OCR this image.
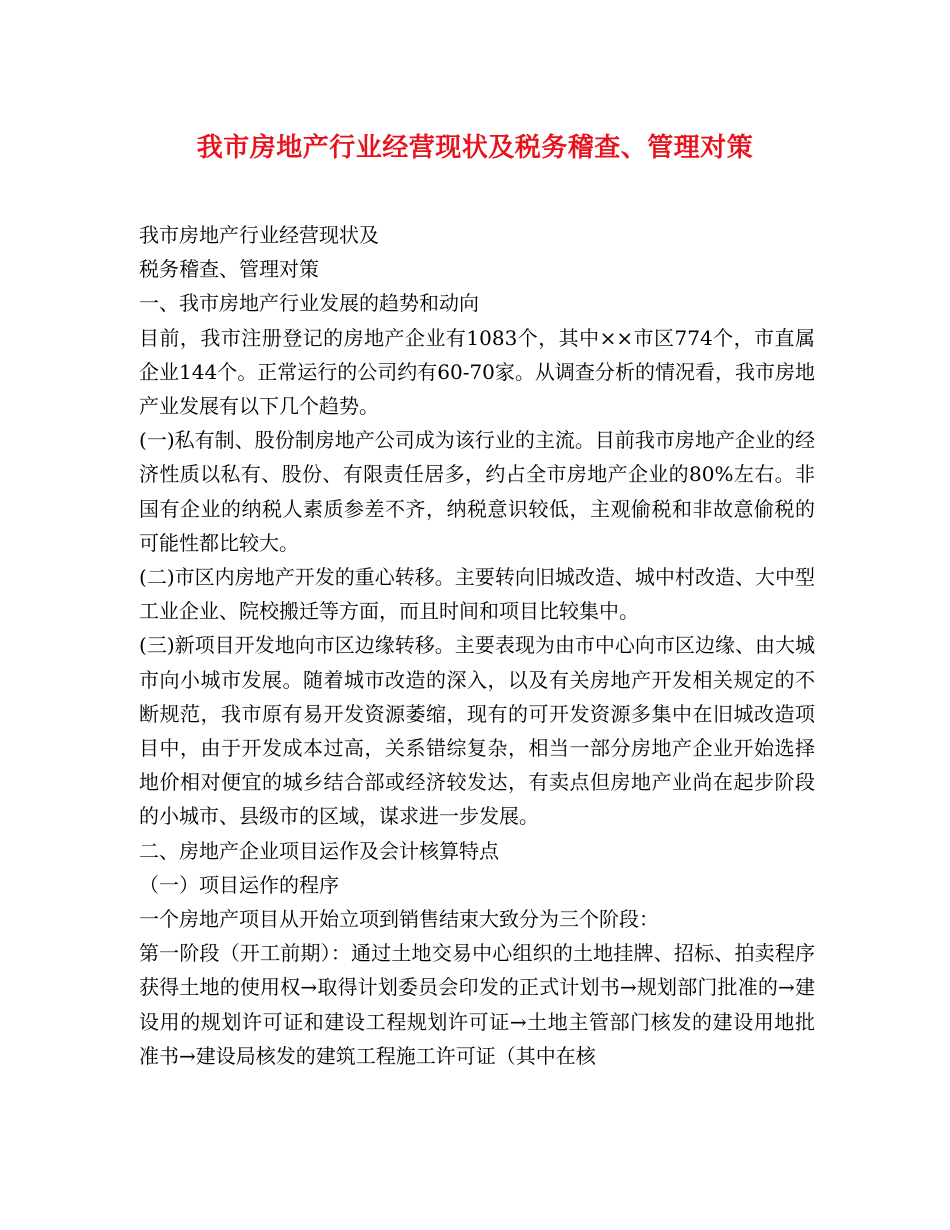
我市房地产行业经营现状及税务稽查、管理对策

我市房地产行业经营现状及

税务稽查、管理对策

一、我市房地产行业发展的趋势和动向

目前，我市注册登记的房地产企业有1083个，其中××市区774个，市直属企业144个。正常运行的公司约有60-70家。从调查分析的情况看，我市房地产业发展有以下几个趋势。

(一)私有制、股份制房地产公司成为该行业的主流。目前我市房地产企业的经济性质以私有、股份、有限责任居多，约占全市房地产企业的80%左右。非国有企业的纳税人素质参差不齐，纳税意识较低，主观偷税和非故意偷税的可能性都比较大。

(二)市区内房地产开发的重心转移。主要转向旧城改造、城中村改造、大中型工业企业、院校搬迁等方面，而且时间和项目比较集中。

(三)新项目开发地向市区边缘转移。主要表现为由市中心向市区边缘、由大城市向小城市发展。随着城市改造的深入，以及有关房地产开发相关规定的不断规范，我市原有易开发资源萎缩，现有的可开发资源多集中在旧城改造项目中，由于开发成本过高，关系错综复杂，相当一部分房地产企业开始选择地价相对便宜的城乡结合部或经济较发达，有卖点但房地产业尚在起步阶段的小城市、县级市的区域，谋求进一步发展。

二、房地产企业项目运作及会计核算特点

（一）项目运作的程序

一个房地产项目从开始立项到销售结束大致分为三个阶段：

第一阶段（开工前期）：通过土地交易中心组织的土地挂牌、招标、拍卖程序获得土地的使用权→取得计划委员会印发的正式计划书→规划部门批准的→建设用的规划许可证和建设工程规划许可证→土地主管部门核发的建设用地批准书→建设局核发的建筑工程施工许可证（其中在核
